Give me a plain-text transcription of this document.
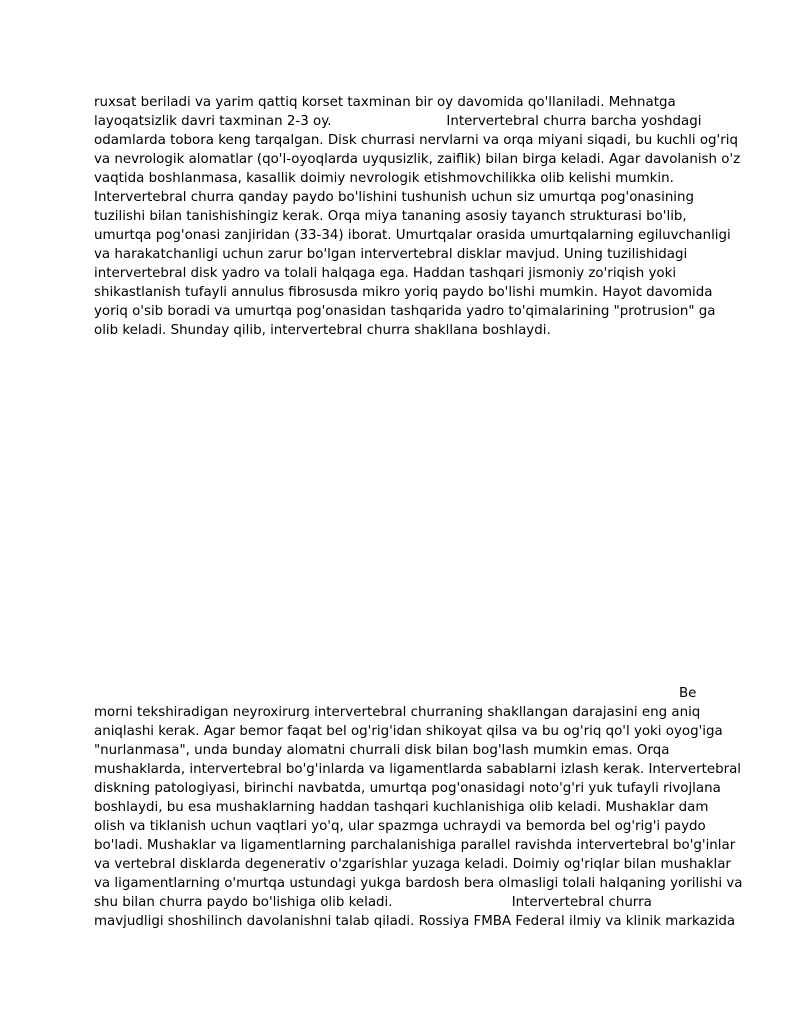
ruxsat beriladi va yarim qattiq korset taxminan bir oy davomida qo'llaniladi. Mehnatga
layoqatsizlik davri taxminan 2-3 oy.                           Intervertebral churra barcha yoshdagi
odamlarda tobora keng tarqalgan. Disk churrasi nervlarni va orqa miyani siqadi, bu kuchli og'riq
va nevrologik alomatlar (qo'l-oyoqlarda uyqusizlik, zaiflik) bilan birga keladi. Agar davolanish o'z
vaqtida boshlanmasa, kasallik doimiy nevrologik etishmovchilikka olib kelishi mumkin.
Intervertebral churra qanday paydo bo'lishini tushunish uchun siz umurtqa pog'onasining
tuzilishi bilan tanishishingiz kerak. Orqa miya tananing asosiy tayanch strukturasi bo'lib,
umurtqa pog'onasi zanjiridan (33-34) iborat. Umurtqalar orasida umurtqalarning egiluvchanligi
va harakatchanligi uchun zarur bo'lgan intervertebral disklar mavjud. Uning tuzilishidagi
intervertebral disk yadro va tolali halqaga ega. Haddan tashqari jismoniy zo'riqish yoki
shikastlanish tufayli annulus fibrosusda mikro yoriq paydo bo'lishi mumkin. Hayot davomida
yoriq o'sib boradi va umurtqa pog'onasidan tashqarida yadro to'qimalarining "protrusion" ga
olib keladi. Shunday qilib, intervertebral churra shakllana boshlaydi.
Be
morni tekshiradigan neyroxirurg intervertebral churraning shakllangan darajasini eng aniq
aniqlashi kerak. Agar bemor faqat bel og'rig'idan shikoyat qilsa va bu og'riq qo'l yoki oyog'iga
"nurlanmasa", unda bunday alomatni churrali disk bilan bog'lash mumkin emas. Orqa
mushaklarda, intervertebral bo'g'inlarda va ligamentlarda sabablarni izlash kerak. Intervertebral
diskning patologiyasi, birinchi navbatda, umurtqa pog'onasidagi noto'g'ri yuk tufayli rivojlana
boshlaydi, bu esa mushaklarning haddan tashqari kuchlanishiga olib keladi. Mushaklar dam
olish va tiklanish uchun vaqtlari yo'q, ular spazmga uchraydi va bemorda bel og'rig'i paydo
bo'ladi. Mushaklar va ligamentlarning parchalanishiga parallel ravishda intervertebral bo'g'inlar
va vertebral disklarda degenerativ o'zgarishlar yuzaga keladi. Doimiy og'riqlar bilan mushaklar
va ligamentlarning o'murtqa ustundagi yukga bardosh bera olmasligi tolali halqaning yorilishi va
shu bilan churra paydo bo'lishiga olib keladi.                            Intervertebral churra
mavjudligi shoshilinch davolanishni talab qiladi. Rossiya FMBA Federal ilmiy va klinik markazida
